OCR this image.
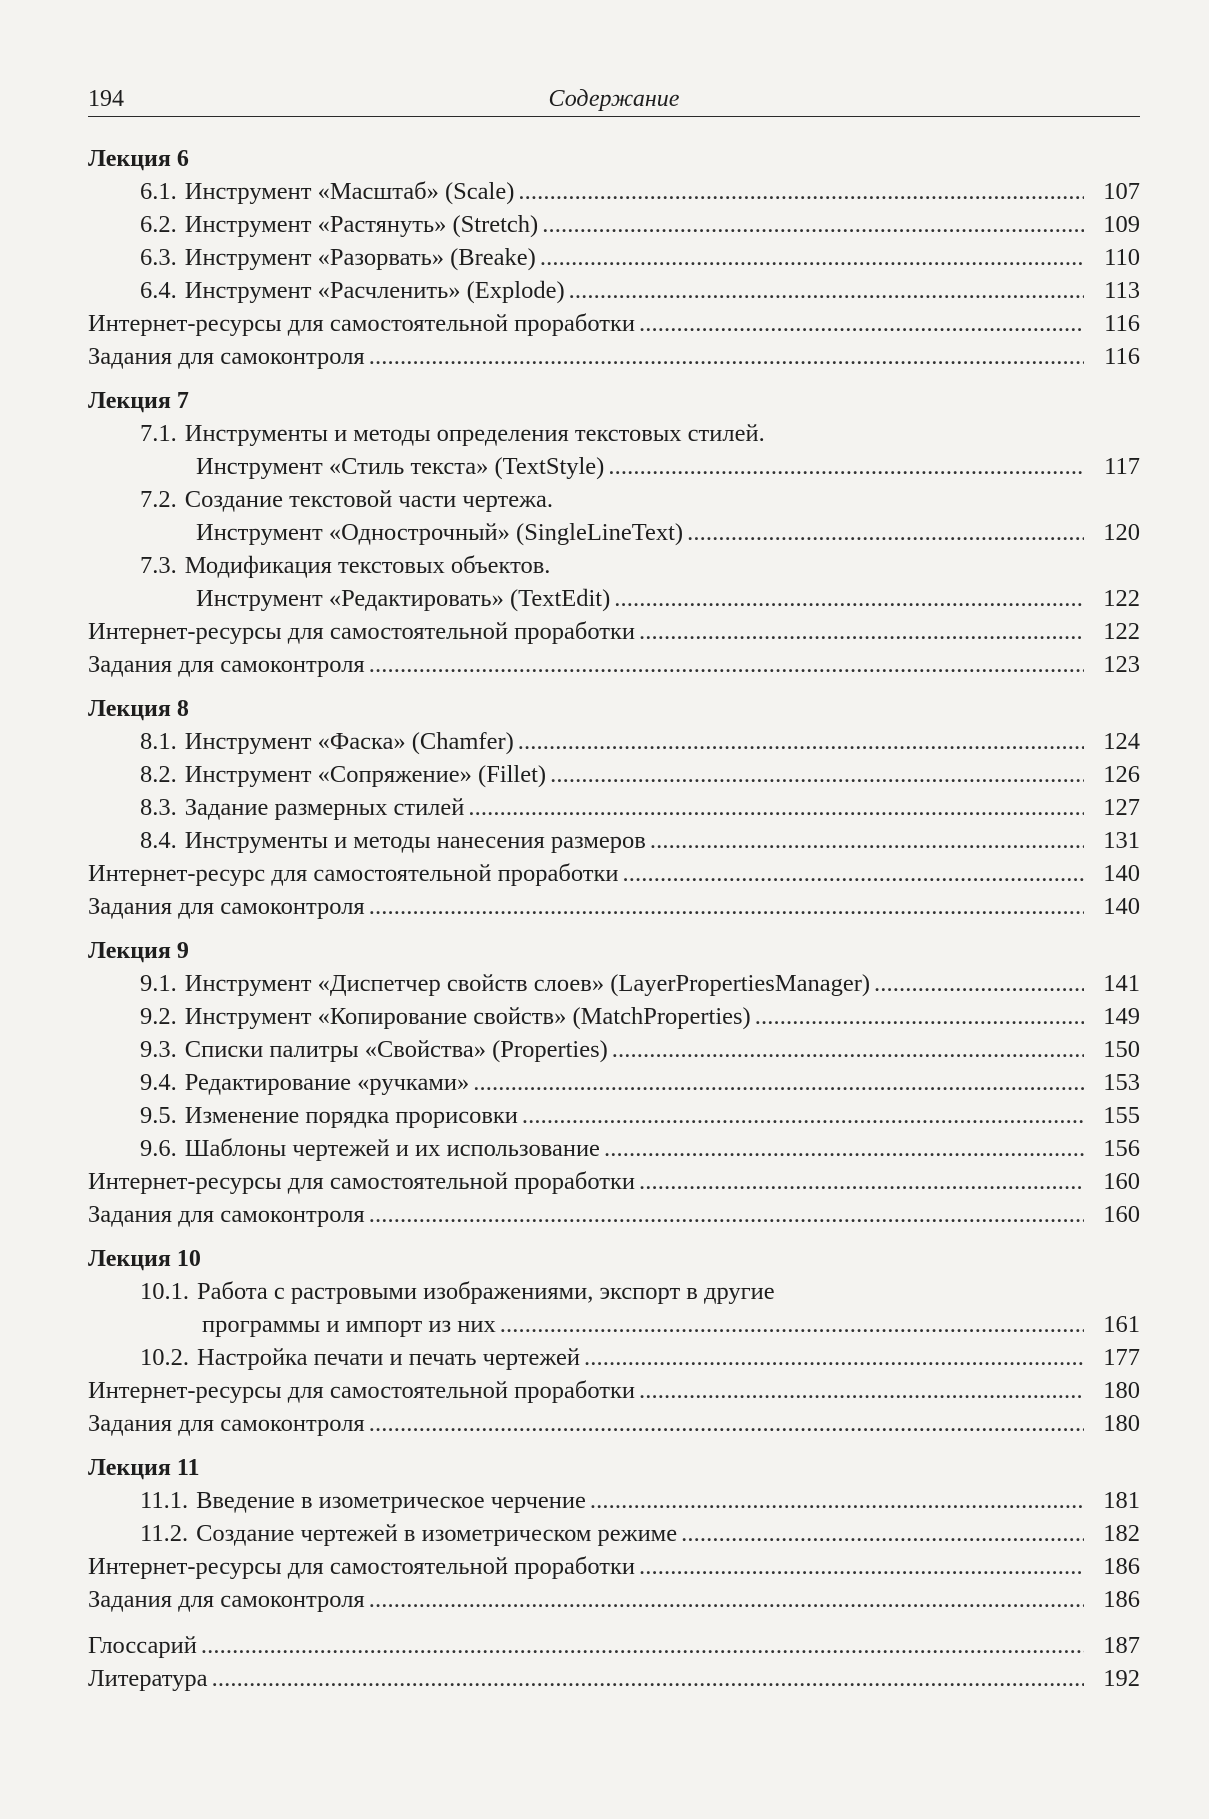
194	Содержание
Лекция 6
6.1. Инструмент «Масштаб» (Scale) . . .	107
6.2. Инструмент «Растянуть» (Stretch) . . .	109
6.3. Инструмент «Разорвать» (Breake) . . .	110
6.4. Инструмент «Расчленить» (Explode) . . .	113
Интернет-ресурсы для самостоятельной проработки . . .	116
Задания для самоконтроля . . .	116
Лекция 7
7.1. Инструменты и методы определения текстовых стилей.
Инструмент «Стиль текста» (TextStyle) . . .	117
7.2. Создание текстовой части чертежа.
Инструмент «Однострочный» (SingleLineText) . . .	120
7.3. Модификация текстовых объектов.
Инструмент «Редактировать» (TextEdit) . . .	122
Интернет-ресурсы для самостоятельной проработки . . .	122
Задания для самоконтроля . . .	123
Лекция 8
8.1. Инструмент «Фаска» (Chamfer) . . .	124
8.2. Инструмент «Сопряжение» (Fillet) . . .	126
8.3. Задание размерных стилей . . .	127
8.4. Инструменты и методы нанесения размеров . . .	131
Интернет-ресурс для самостоятельной проработки . . .	140
Задания для самоконтроля . . .	140
Лекция 9
9.1. Инструмент «Диспетчер свойств слоев» (LayerPropertiesManager) . . .	141
9.2. Инструмент «Копирование свойств» (MatchProperties) . . .	149
9.3. Списки палитры «Свойства» (Properties) . . .	150
9.4. Редактирование «ручками» . . .	153
9.5. Изменение порядка прорисовки . . .	155
9.6. Шаблоны чертежей и их использование . . .	156
Интернет-ресурсы для самостоятельной проработки . . .	160
Задания для самоконтроля . . .	160
Лекция 10
10.1. Работа с растровыми изображениями, экспорт в другие
программы и импорт из них . . .	161
10.2. Настройка печати и печать чертежей . . .	177
Интернет-ресурсы для самостоятельной проработки . . .	180
Задания для самоконтроля . . .	180
Лекция 11
11.1. Введение в изометрическое черчение . . .	181
11.2. Создание чертежей в изометрическом режиме . . .	182
Интернет-ресурсы для самостоятельной проработки . . .	186
Задания для самоконтроля . . .	186
Глоссарий . . .	187
Литература . . .	192
